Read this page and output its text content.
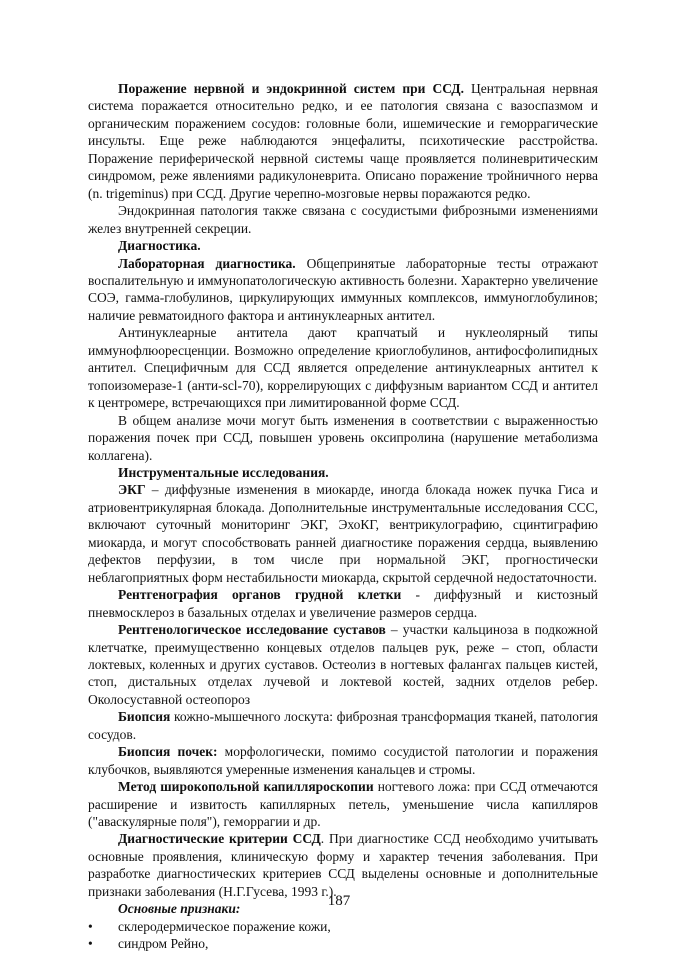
Поражение нервной и эндокринной систем при ССД. Центральная нервная система поражается относительно редко, и ее патология связана с вазоспазмом и органическим поражением сосудов: головные боли, ишемические и геморрагические инсульты. Еще реже наблюдаются энцефалиты, психотические расстройства. Поражение периферической нервной системы чаще проявляется полиневритическим синдромом, реже явлениями радикулоневрита. Описано поражение тройничного нерва (n. trigeminus) при ССД. Другие черепно-мозговые нервы поражаются редко.

Эндокринная патология также связана с сосудистыми фиброзными изменениями желез внутренней секреции.

Диагностика.

Лабораторная диагностика. Общепринятые лабораторные тесты отражают воспалительную и иммунопатологическую активность болезни. Характерно увеличение СОЭ, гамма-глобулинов, циркулирующих иммунных комплексов, иммуноглобулинов; наличие ревматоидного фактора и антинуклеарных антител.

Антинуклеарные антитела дают крапчатый и нуклеолярный типы иммунофлюоресценции. Возможно определение криоглобулинов, антифосфолипидных антител. Специфичным для ССД является определение антинуклеарных антител к топоизомеразе-1 (анти-scl-70), коррелирующих с диффузным вариантом ССД и антител к центромере, встречающихся при лимитированной форме ССД.

В общем анализе мочи могут быть изменения в соответствии с выраженностью поражения почек при ССД, повышен уровень оксипролина (нарушение метаболизма коллагена).

Инструментальные исследования.

ЭКГ – диффузные изменения в миокарде, иногда блокада ножек пучка Гиса и атриовентрикулярная блокада. Дополнительные инструментальные исследования ССС, включают суточный мониторинг ЭКГ, ЭхоКГ, вентрикулографию, сцинтиграфию миокарда, и могут способствовать ранней диагностике поражения сердца, выявлению дефектов перфузии, в том числе при нормальной ЭКГ, прогностически неблагоприятных форм нестабильности миокарда, скрытой сердечной недостаточности.

Рентгенография органов грудной клетки - диффузный и кистозный пневмосклероз в базальных отделах и увеличение размеров сердца.

Рентгенологическое исследование суставов – участки кальциноза в подкожной клетчатке, преимущественно концевых отделов пальцев рук, реже – стоп, области локтевых, коленных и других суставов. Остеолиз в ногтевых фалангах пальцев кистей, стоп, дистальных отделах лучевой и локтевой костей, задних отделов ребер. Околосуставной остеопороз

Биопсия кожно-мышечного лоскута: фиброзная трансформация тканей, патология сосудов.

Биопсия почек: морфологически, помимо сосудистой патологии и поражения клубочков, выявляются умеренные изменения канальцев и стромы.

Метод широкопольной капилляроскопии ногтевого ложа: при ССД отмечаются расширение и извитость капиллярных петель, уменьшение числа капилляров ("аваскулярные поля"), геморрагии и др.

Диагностические критерии ССД. При диагностике ССД необходимо учитывать основные проявления, клиническую форму и характер течения заболевания. При разработке диагностических критериев ССД выделены основные и дополнительные признаки заболевания (Н.Г.Гусева, 1993 г.).

Основные признаки:

• склеродермическое поражение кожи,
• синдром Рейно,
187
